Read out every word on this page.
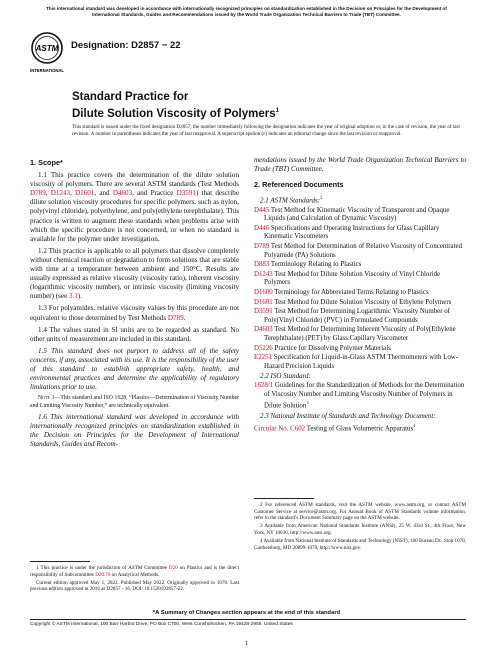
This international standard was developed in accordance with internationally recognized principles on standardization established in the Decision on Principles for the Development of International Standards, Guides and Recommendations issued by the World Trade Organization Technical Barriers to Trade (TBT) Committee.
ASTM
INTERNATIONAL
Designation: D2857 − 22
Standard Practice for
Dilute Solution Viscosity of Polymers$^1$
This standard is issued under the fixed designation D2857; the number immediately following the designation indicates the year of original adoption or, in the case of revision, the year of last revision. A number in parentheses indicates the year of last reapproval. A superscript epsilon (ε) indicates an editorial change since the last revision or reapproval.
1. Scope*

1.1 This practice covers the determination of the dilute solution viscosity of polymers. There are several ASTM standards (Test Methods D789, D1243, D1601, and D4603, and Practice D3591) that describe dilute solution viscosity procedures for specific polymers, such as nylon, poly(vinyl chloride), polyethylene, and poly(ethylene terephthalate). This practice is written to augment these standards when problems arise with which the specific procedure is not concerned, or when no standard is available for the polymer under investigation.

1.2 This practice is applicable to all polymers that dissolve completely without chemical reaction or degradation to form solutions that are stable with time at a temperature between ambient and 150°C. Results are usually expressed as relative viscosity (viscosity ratio), inherent viscosity (logarithmic viscosity number), or intrinsic viscosity (limiting viscosity number) (see 3.1).

1.3 For polyamides, relative viscosity values by this procedure are not equivalent to those determined by Test Methods D789.

1.4 The values stated in SI units are to be regarded as standard. No other units of measurement are included in this standard.

1.5 This standard does not purport to address all of the safety concerns, if any, associated with its use. It is the responsibility of the user of this standard to establish appropriate safety, health, and environmental practices and determine the applicability of regulatory limitations prior to use.

Note 1—This standard and ISO 1628, “Plastics—Determination of Viscosity Number and Limiting Viscosity Number,” are technically equivalent.

1.6 This international standard was developed in accordance with internationally recognized principles on standardization established in the Decision on Principles for the Development of International Standards, Guides and Recom-

mendations issued by the World Trade Organization Technical Barriers to Trade (TBT) Committee.

2. Referenced Documents
2.1 ASTM Standards:$^2$
D445 Test Method for Kinematic Viscosity of Transparent and Opaque Liquids (and Calculation of Dynamic Viscosity)
D446 Specifications and Operating Instructions for Glass Capillary Kinematic Viscometers
D789 Test Method for Determination of Relative Viscosity of Concentrated Polyamide (PA) Solutions
D883 Terminology Relating to Plastics
D1243 Test Method for Dilute Solution Viscosity of Vinyl Chloride Polymers
D1600 Terminology for Abbreviated Terms Relating to Plastics
D1601 Test Method for Dilute Solution Viscosity of Ethylene Polymers
D3591 Test Method for Determining Logarithmic Viscosity Number of Poly(Vinyl Chloride) (PVC) in Formulated Compounds
D4603 Test Method for Determining Inherent Viscosity of Poly(Ethylene Terephthalate) (PET) by Glass Capillary Viscometer
D5226 Practice for Dissolving Polymer Materials
E2251 Specification for Liquid-in-Glass ASTM Thermometers with Low-Hazard Precision Liquids
2.2 ISO Standard:
1628/1 Guidelines for the Standardization of Methods for the Determination of Viscosity Number and Limiting Viscosity Number of Polymers in Dilute Solution$^3$
2.3 National Institute of Standards and Technology Document:
Circular No. C602 Testing of Glass Volumetric Apparatus$^4$

1 This practice is under the jurisdiction of ASTM Committee D20 on Plastics and is the direct responsibility of Subcommittee D20.70 on Analytical Methods.

Current edition approved May 1, 2022. Published May 2022. Originally approved in 1970. Last previous edition approved in 2016 as D2857 - 16. DOI: 10.1520/D2857-22.

2 For referenced ASTM standards, visit the ASTM website, www.astm.org, or contact ASTM Customer Service at service@astm.org. For Annual Book of ASTM Standards volume information, refer to the standard’s Document Summary page on the ASTM website.

3 Available from American National Standards Institute (ANSI), 25 W. 43rd St., 4th Floor, New York, NY 10036, http://www.ansi.org.

4 Available from National Institute of Standards and Technology (NIST), 100 Bureau Dr., Stop 1070, Gaithersburg, MD 20899-1070, http://www.nist.gov.

*A Summary of Changes section appears at the end of this standard
Copyright © ASTM International, 100 Barr Harbor Drive, PO Box C700, West Conshohocken, PA 19428-2959. United States
1
